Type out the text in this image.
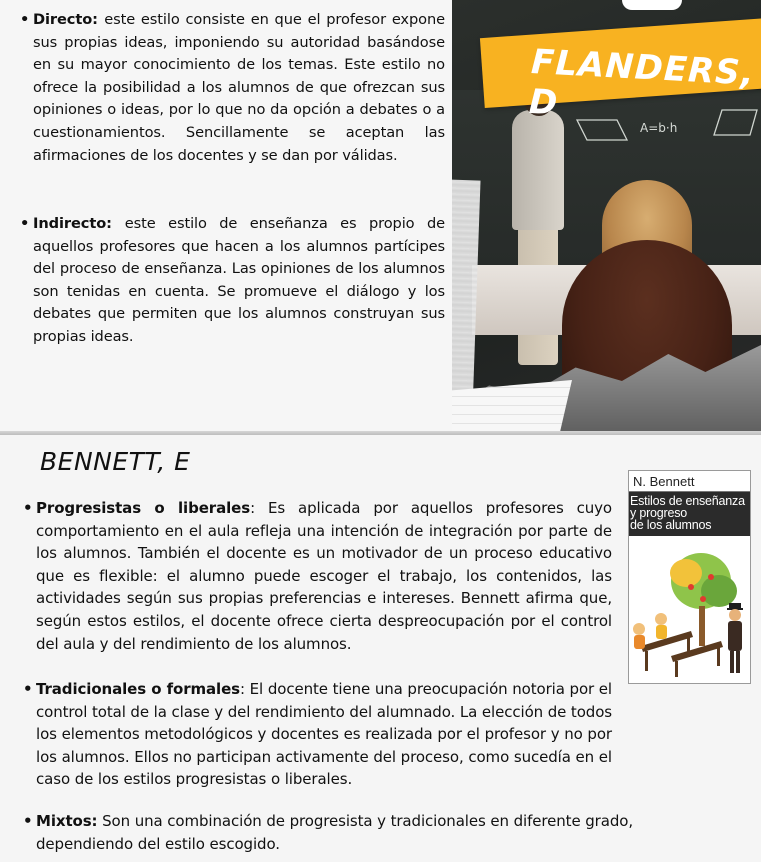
• Directo: este estilo consiste en que el profesor expone sus propias ideas, imponiendo su autoridad basándose en su mayor conocimiento de los temas. Este estilo no ofrece la posibilidad a los alumnos de que ofrezcan sus opiniones o ideas, por lo que no da opción a debates o a cuestionamientos. Sencillamente se aceptan las afirmaciones de los docentes y se dan por válidas.
• Indirecto: este estilo de enseñanza es propio de aquellos profesores que hacen a los alumnos partícipes del proceso de enseñanza. Las opiniones de los alumnos son tenidas en cuenta. Se promueve el diálogo y los debates que permiten que los alumnos construyan sus propias ideas.
A=b·h
FLANDERS, D
BENNETT, E
• Progresistas o liberales: Es aplicada por aquellos profesores cuyo comportamiento en el aula refleja una intención de integración por parte de los alumnos. También el docente es un motivador de un proceso educativo que es flexible: el alumno puede escoger el trabajo, los contenidos, las actividades según sus propias preferencias e intereses. Bennett afirma que, según estos estilos, el docente ofrece cierta despreocupación por el control del aula y del rendimiento de los alumnos.
• Tradicionales o formales: El docente tiene una preocupación notoria por el control total de la clase y del rendimiento del alumnado. La elección de todos los elementos metodológicos y docentes es realizada por el profesor y no por los alumnos. Ellos no participan activamente del proceso, como sucedía en el caso de los estilos progresistas o liberales.
• Mixtos: Son una combinación de progresista y tradicionales en diferente grado, dependiendo del estilo escogido.
N. Bennett
Estilos de enseñanza
y progreso
de los alumnos
